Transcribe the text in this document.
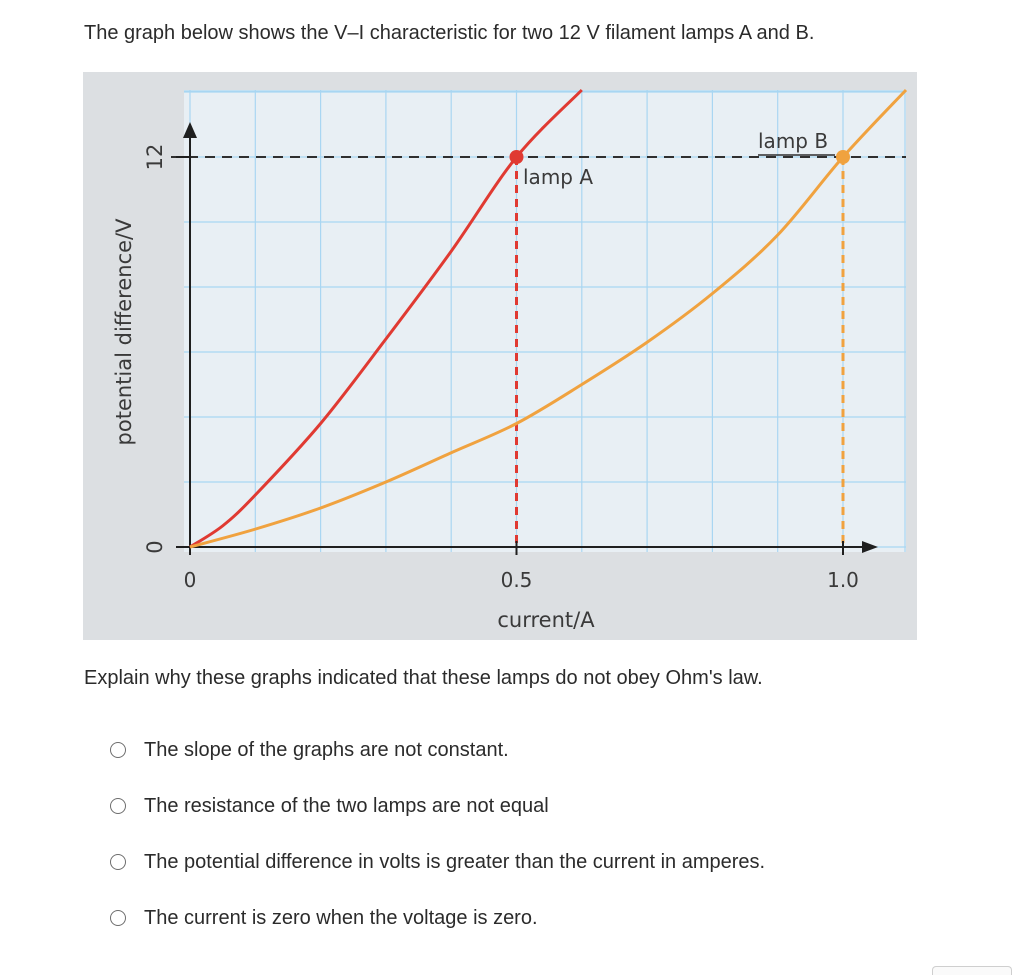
The graph below shows the V–I characteristic for two 12 V filament lamps A and B.
0	0.5	1.0
0
12
lamp A
lamp B
current/A
potential difference/V
Explain why these graphs indicated that these lamps do not obey Ohm's law.
The slope of the graphs are not constant.
The resistance of the two lamps are not equal
The potential difference in volts is greater than the current in amperes.
The current is zero when the voltage is zero.
